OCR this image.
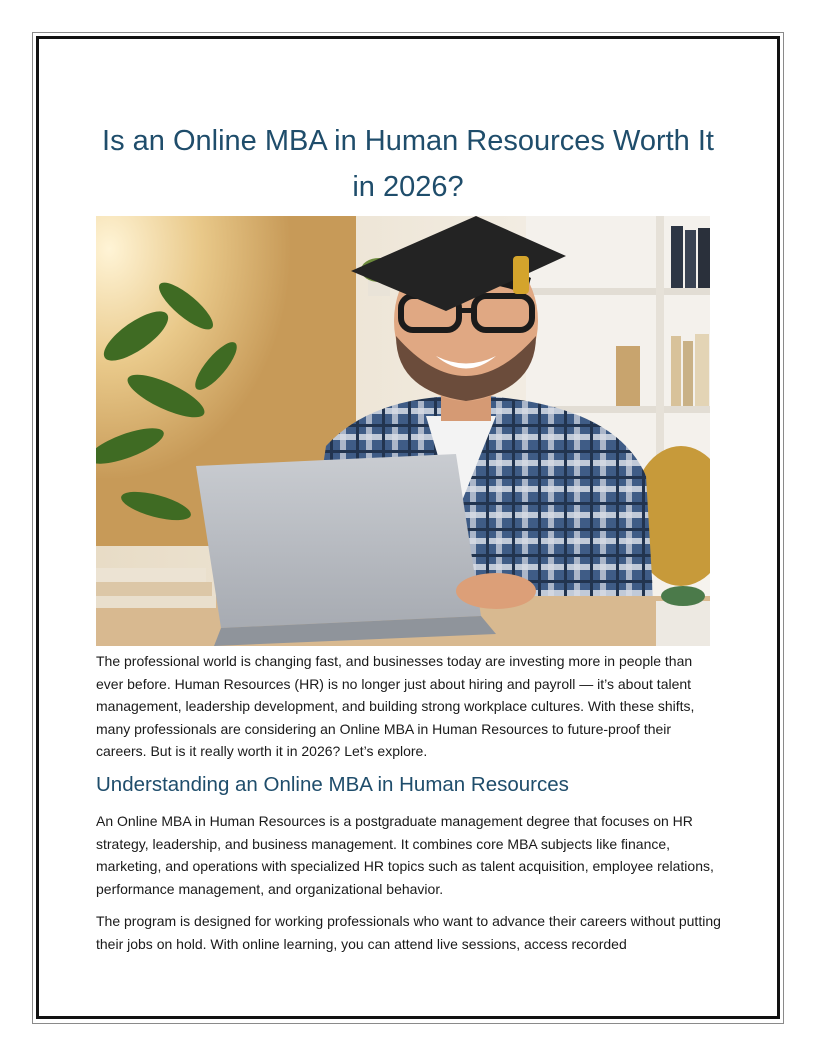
Is an Online MBA in Human Resources Worth It in 2026?

The professional world is changing fast, and businesses today are investing more in people than ever before. Human Resources (HR) is no longer just about hiring and payroll — it’s about talent management, leadership development, and building strong workplace cultures. With these shifts, many professionals are considering an Online MBA in Human Resources to future-proof their careers. But is it really worth it in 2026? Let’s explore.

Understanding an Online MBA in Human Resources

An Online MBA in Human Resources is a postgraduate management degree that focuses on HR strategy, leadership, and business management. It combines core MBA subjects like finance, marketing, and operations with specialized HR topics such as talent acquisition, employee relations, performance management, and organizational behavior.

The program is designed for working professionals who want to advance their careers without putting their jobs on hold. With online learning, you can attend live sessions, access recorded
